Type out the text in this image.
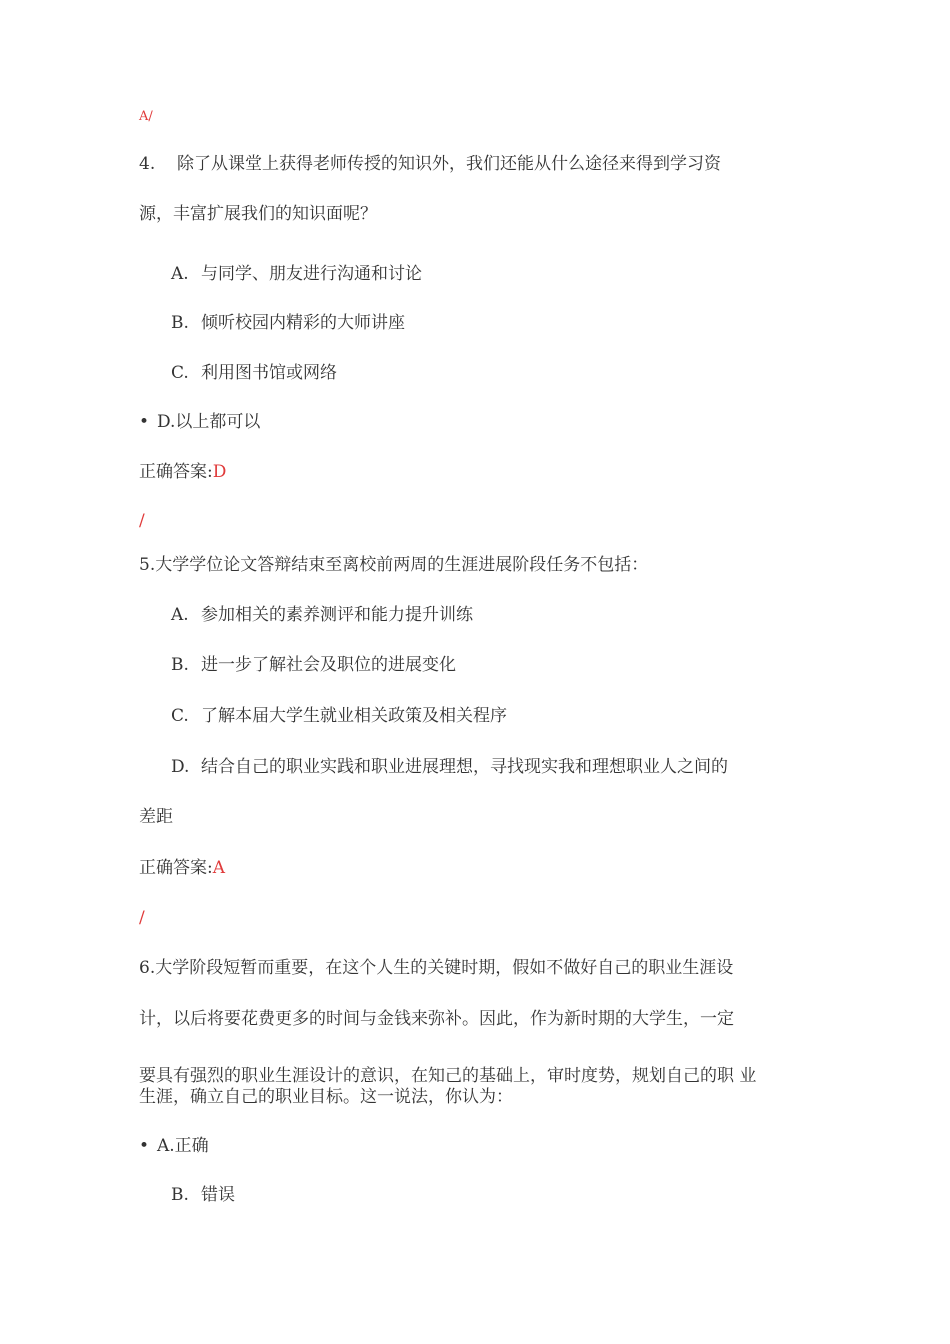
A/
4. 除了从课堂上获得老师传授的知识外，我们还能从什么途径来得到学习资
源，丰富扩展我们的知识面呢？
A. 与同学、朋友进行沟通和讨论
B. 倾听校园内精彩的大师讲座
C. 利用图书馆或网络
• D.以上都可以
正确答案:D
/
5.大学学位论文答辩结束至离校前两周的生涯进展阶段任务不包括：
A. 参加相关的素养测评和能力提升训练
B. 进一步了解社会及职位的进展变化
C. 了解本届大学生就业相关政策及相关程序
D. 结合自己的职业实践和职业进展理想，寻找现实我和理想职业人之间的
差距
正确答案:A
/
6.大学阶段短暂而重要，在这个人生的关键时期，假如不做好自己的职业生涯设
计，以后将要花费更多的时间与金钱来弥补。因此，作为新时期的大学生，一定
要具有强烈的职业生涯设计的意识，在知己的基础上，审时度势，规划自己的职 业
生涯，确立自己的职业目标。这一说法，你认为：
• A.正确
B. 错误
